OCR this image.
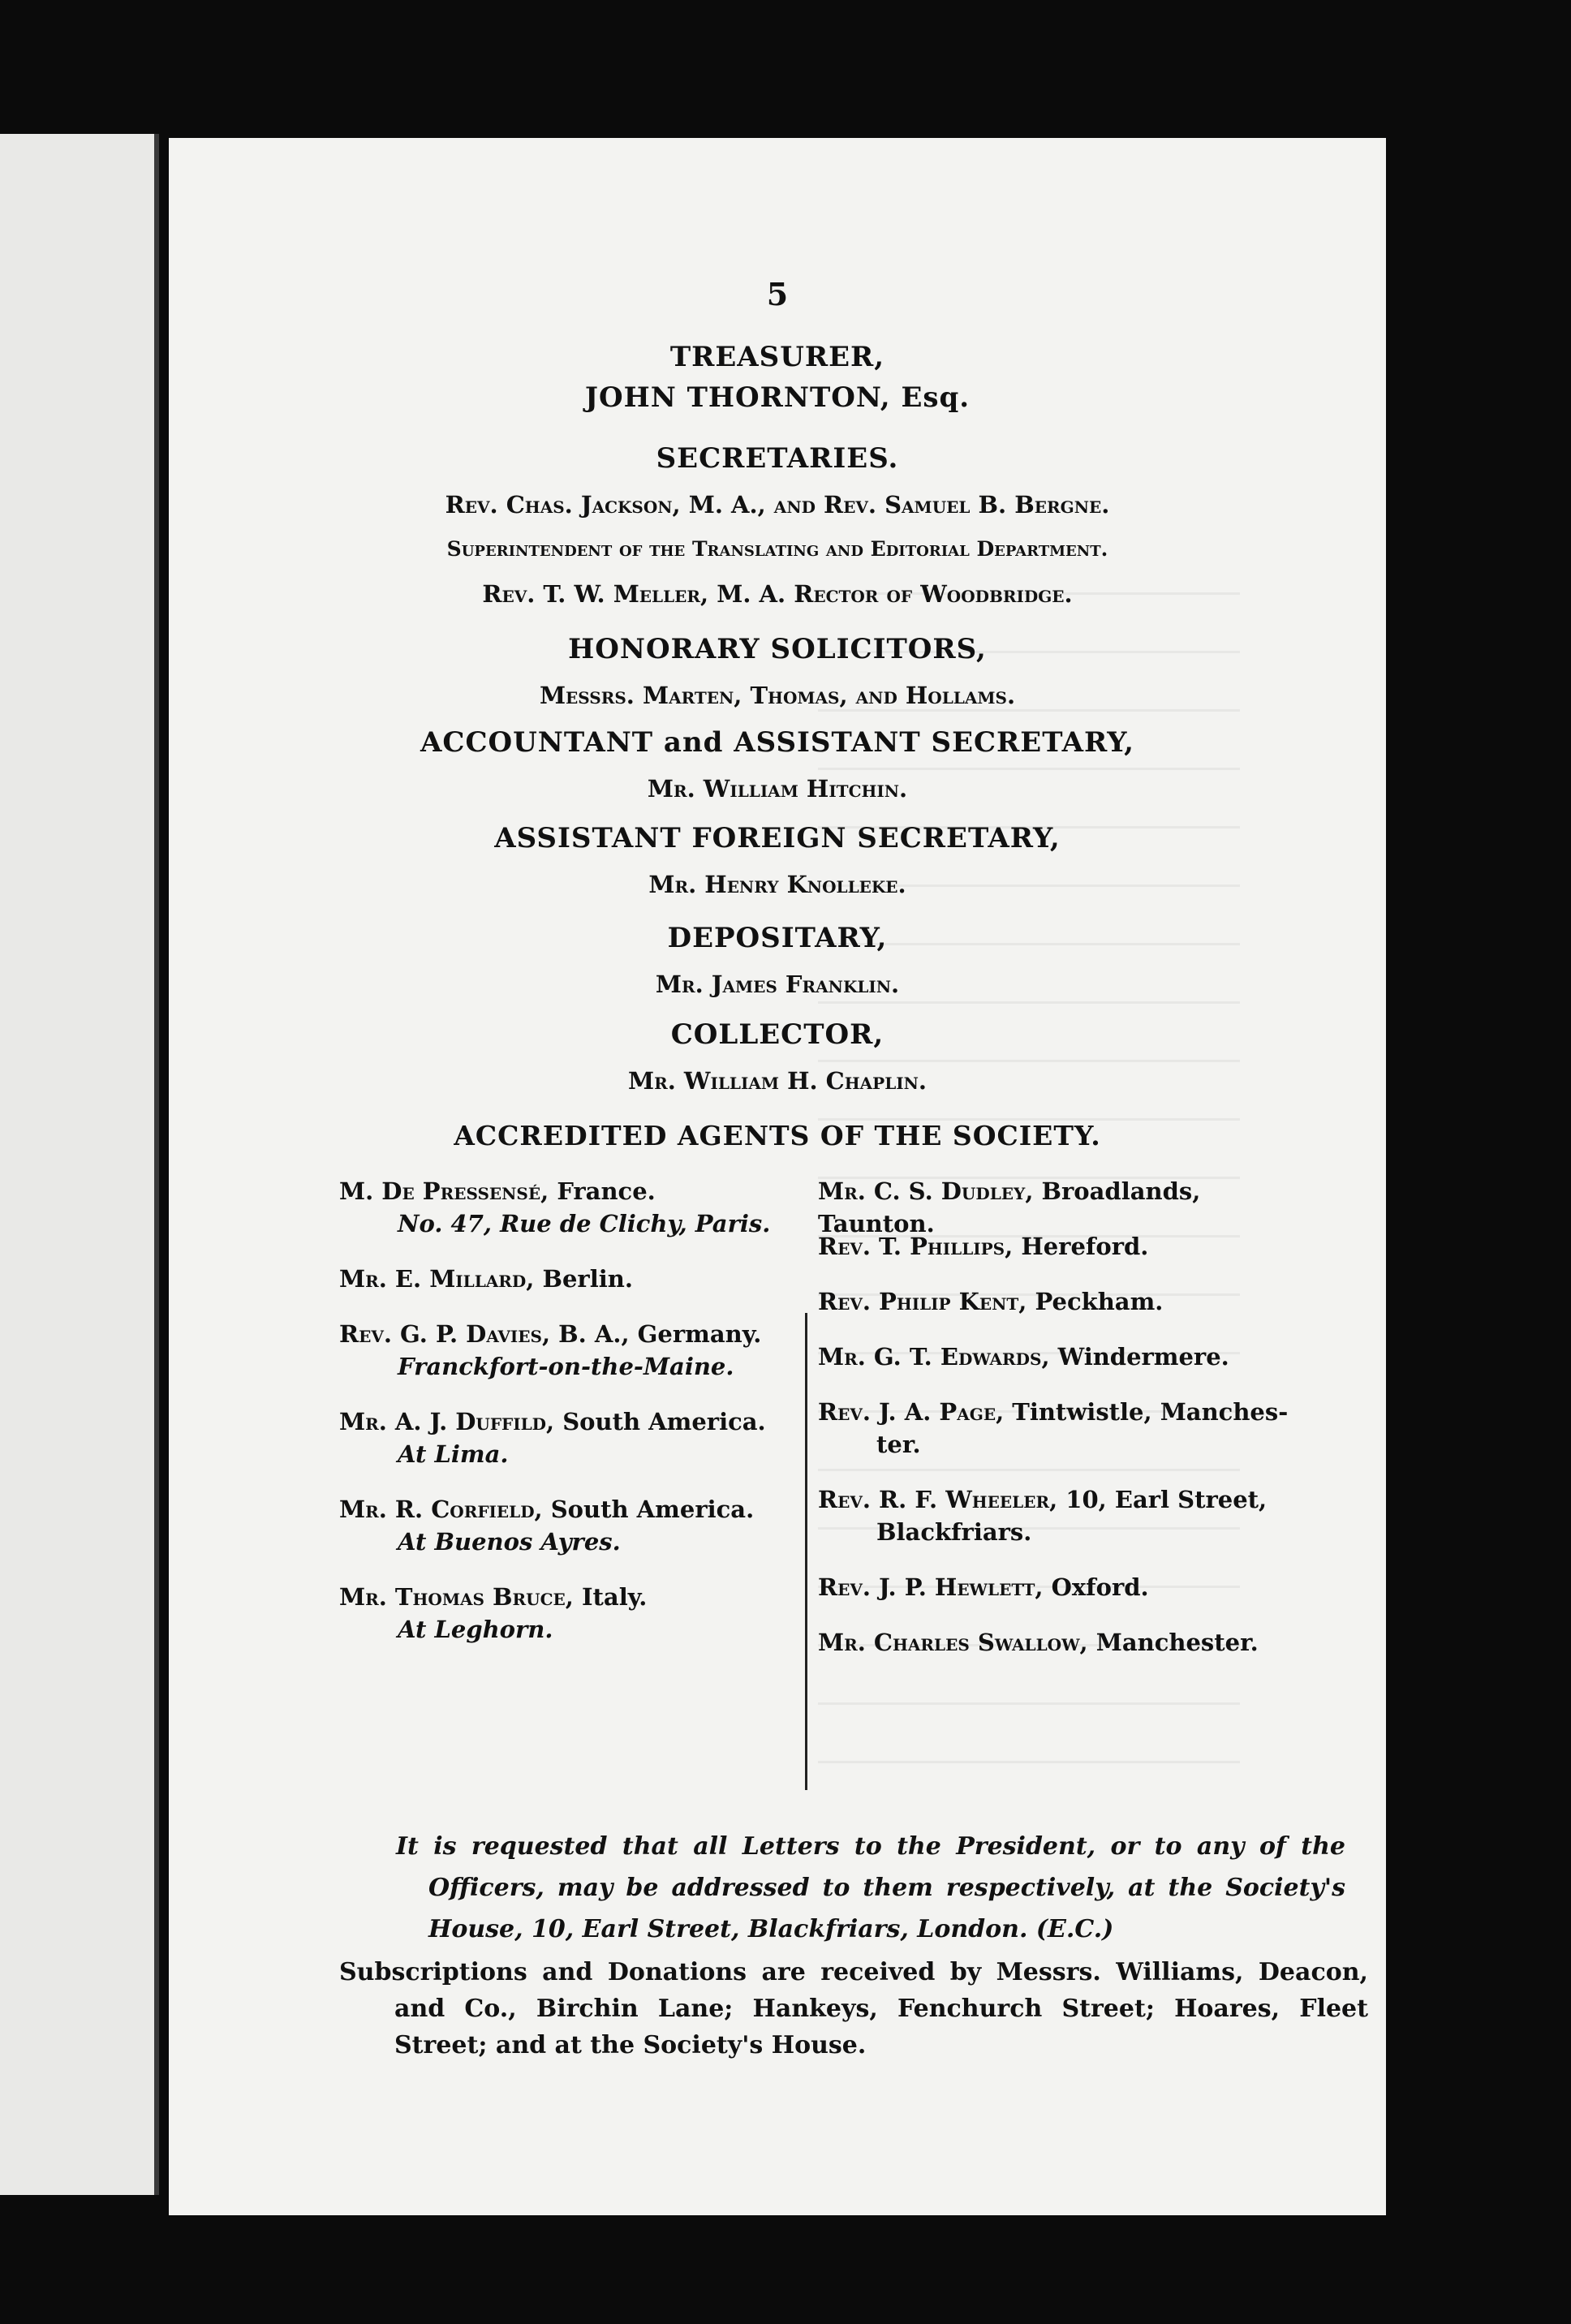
5
TREASURER,
JOHN THORNTON, Esq.
SECRETARIES.
Rev. Chas. Jackson, M. A., and Rev. Samuel B. Bergne.
Superintendent of the Translating and Editorial Department.
Rev. T. W. Meller, M. A. Rector of Woodbridge.
HONORARY SOLICITORS,
Messrs. Marten, Thomas, and Hollams.
ACCOUNTANT and ASSISTANT SECRETARY,
Mr. William Hitchin.
ASSISTANT FOREIGN SECRETARY,
Mr. Henry Knolleke.
DEPOSITARY,
Mr. James Franklin.
COLLECTOR,
Mr. William H. Chaplin.
ACCREDITED AGENTS OF THE SOCIETY.
M. De Pressensé, France.
No. 47, Rue de Clichy, Paris.
Mr. E. Millard, Berlin.
Rev. G. P. Davies, B. A., Germany.
Franckfort-on-the-Maine.
Mr. A. J. Duffild, South America.
At Lima.
Mr. R. Corfield, South America.
At Buenos Ayres.
Mr. Thomas Bruce, Italy.
At Leghorn.
Mr. C. S. Dudley, Broadlands, Taunton.
Rev. T. Phillips, Hereford.
Rev. Philip Kent, Peckham.
Mr. G. T. Edwards, Windermere.
Rev. J. A. Page, Tintwistle, Manches-
ter.
Rev. R. F. Wheeler, 10, Earl Street,
Blackfriars.
Rev. J. P. Hewlett, Oxford.
Mr. Charles Swallow, Manchester.
It is requested that all Letters to the President, or to any of the Officers, may be addressed to them respectively, at the Society's House, 10, Earl Street, Blackfriars, London. (E.C.)
Subscriptions and Donations are received by Messrs. Williams, Deacon, and Co., Birchin Lane; Hankeys, Fenchurch Street; Hoares, Fleet Street; and at the Society's House.
